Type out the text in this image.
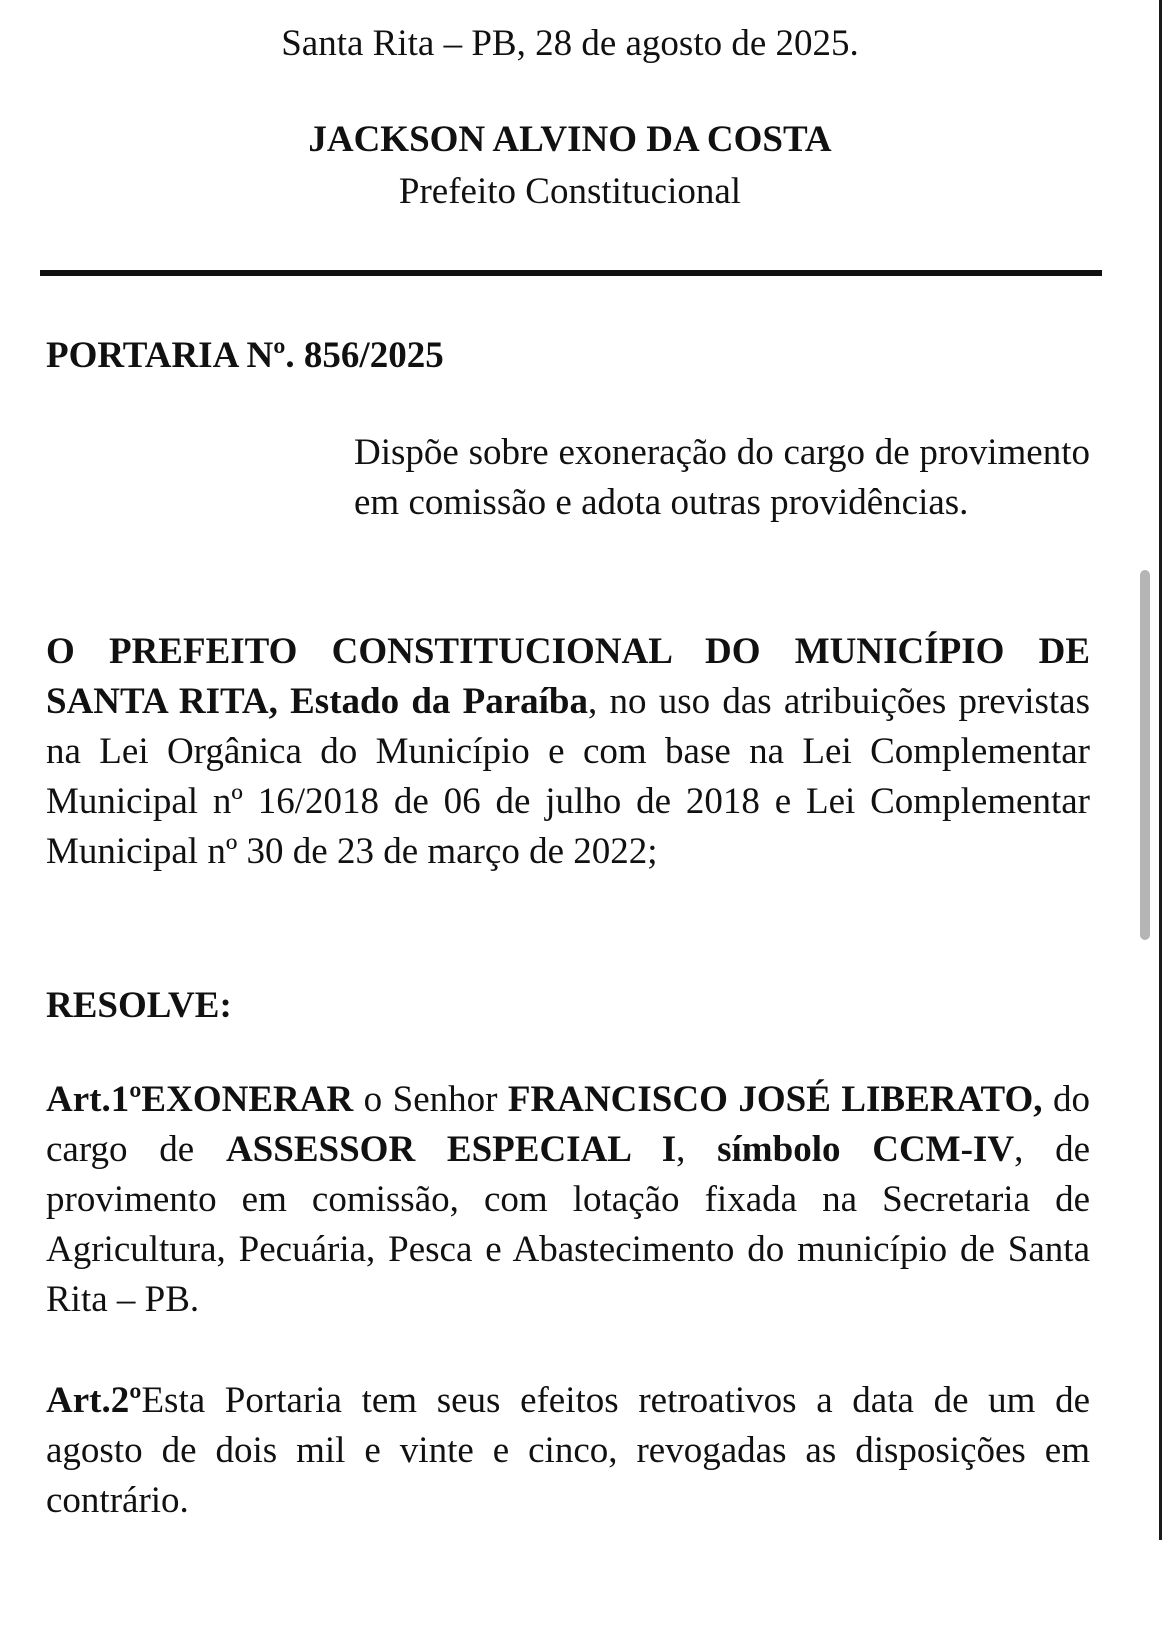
Santa Rita – PB, 28 de agosto de 2025.
JACKSON ALVINO DA COSTA
Prefeito Constitucional
PORTARIA Nº. 856/2025

Dispõe sobre exoneração do cargo de provimento em comissão e adota outras providências.

O PREFEITO CONSTITUCIONAL DO MUNICÍPIO DE SANTA RITA, Estado da Paraíba, no uso das atribuições previstas na Lei Orgânica do Município e com base na Lei Complementar Municipal nº 16/2018 de 06 de julho de 2018 e Lei Complementar Municipal nº 30 de 23 de março de 2022;

RESOLVE:

Art.1ºEXONERAR o Senhor FRANCISCO JOSÉ LIBERATO, do cargo de ASSESSOR ESPECIAL I, símbolo CCM-IV, de provimento em comissão, com lotação fixada na Secretaria de Agricultura, Pecuária, Pesca e Abastecimento do município de Santa Rita – PB.

Art.2ºEsta Portaria tem seus efeitos retroativos a data de um de agosto de dois mil e vinte e cinco, revogadas as disposições em contrário.
